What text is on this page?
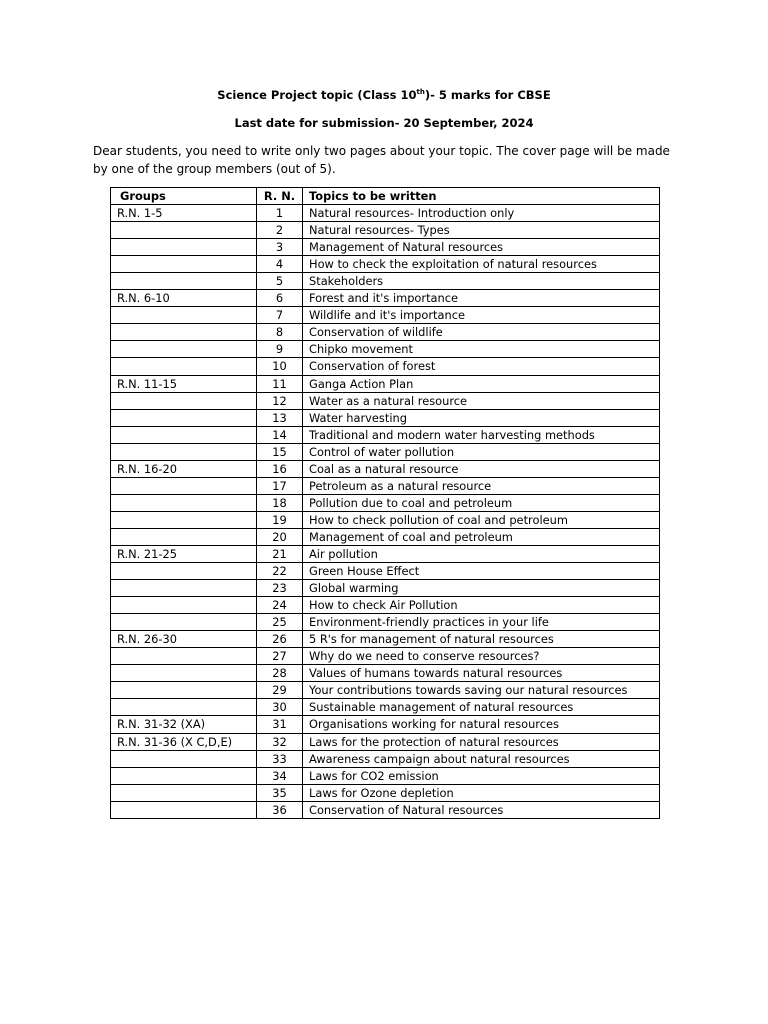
Science Project topic (Class 10th)- 5 marks for CBSE
Last date for submission- 20 September, 2024
Dear students, you need to write only two pages about your topic. The cover page will be made by one of the group members (out of 5).
Groups	R. N.	Topics to be written
R.N. 1-5	1	Natural resources- Introduction only
	2	Natural resources- Types
	3	Management of Natural resources
	4	How to check the exploitation of natural resources
	5	Stakeholders
R.N. 6-10	6	Forest and it's importance
	7	Wildlife and it's importance
	8	Conservation of wildlife
	9	Chipko movement
	10	Conservation of forest
R.N. 11-15	11	Ganga Action Plan
	12	Water as a natural resource
	13	Water harvesting
	14	Traditional and modern water harvesting methods
	15	Control of water pollution
R.N. 16-20	16	Coal as a natural resource
	17	Petroleum as a natural resource
	18	Pollution due to coal and petroleum
	19	How to check pollution of coal and petroleum
	20	Management of coal and petroleum
R.N. 21-25	21	Air pollution
	22	Green House Effect
	23	Global warming
	24	How to check Air Pollution
	25	Environment-friendly practices in your life
R.N. 26-30	26	5 R's for management of natural resources
	27	Why do we need to conserve resources?
	28	Values of humans towards natural resources
	29	Your contributions towards saving our natural resources
	30	Sustainable management of natural resources
R.N. 31-32 (XA)	31	Organisations working for natural resources
R.N. 31-36 (X C,D,E)	32	Laws for the protection of natural resources
	33	Awareness campaign about natural resources
	34	Laws for CO2 emission
	35	Laws for Ozone depletion
	36	Conservation of Natural resources
